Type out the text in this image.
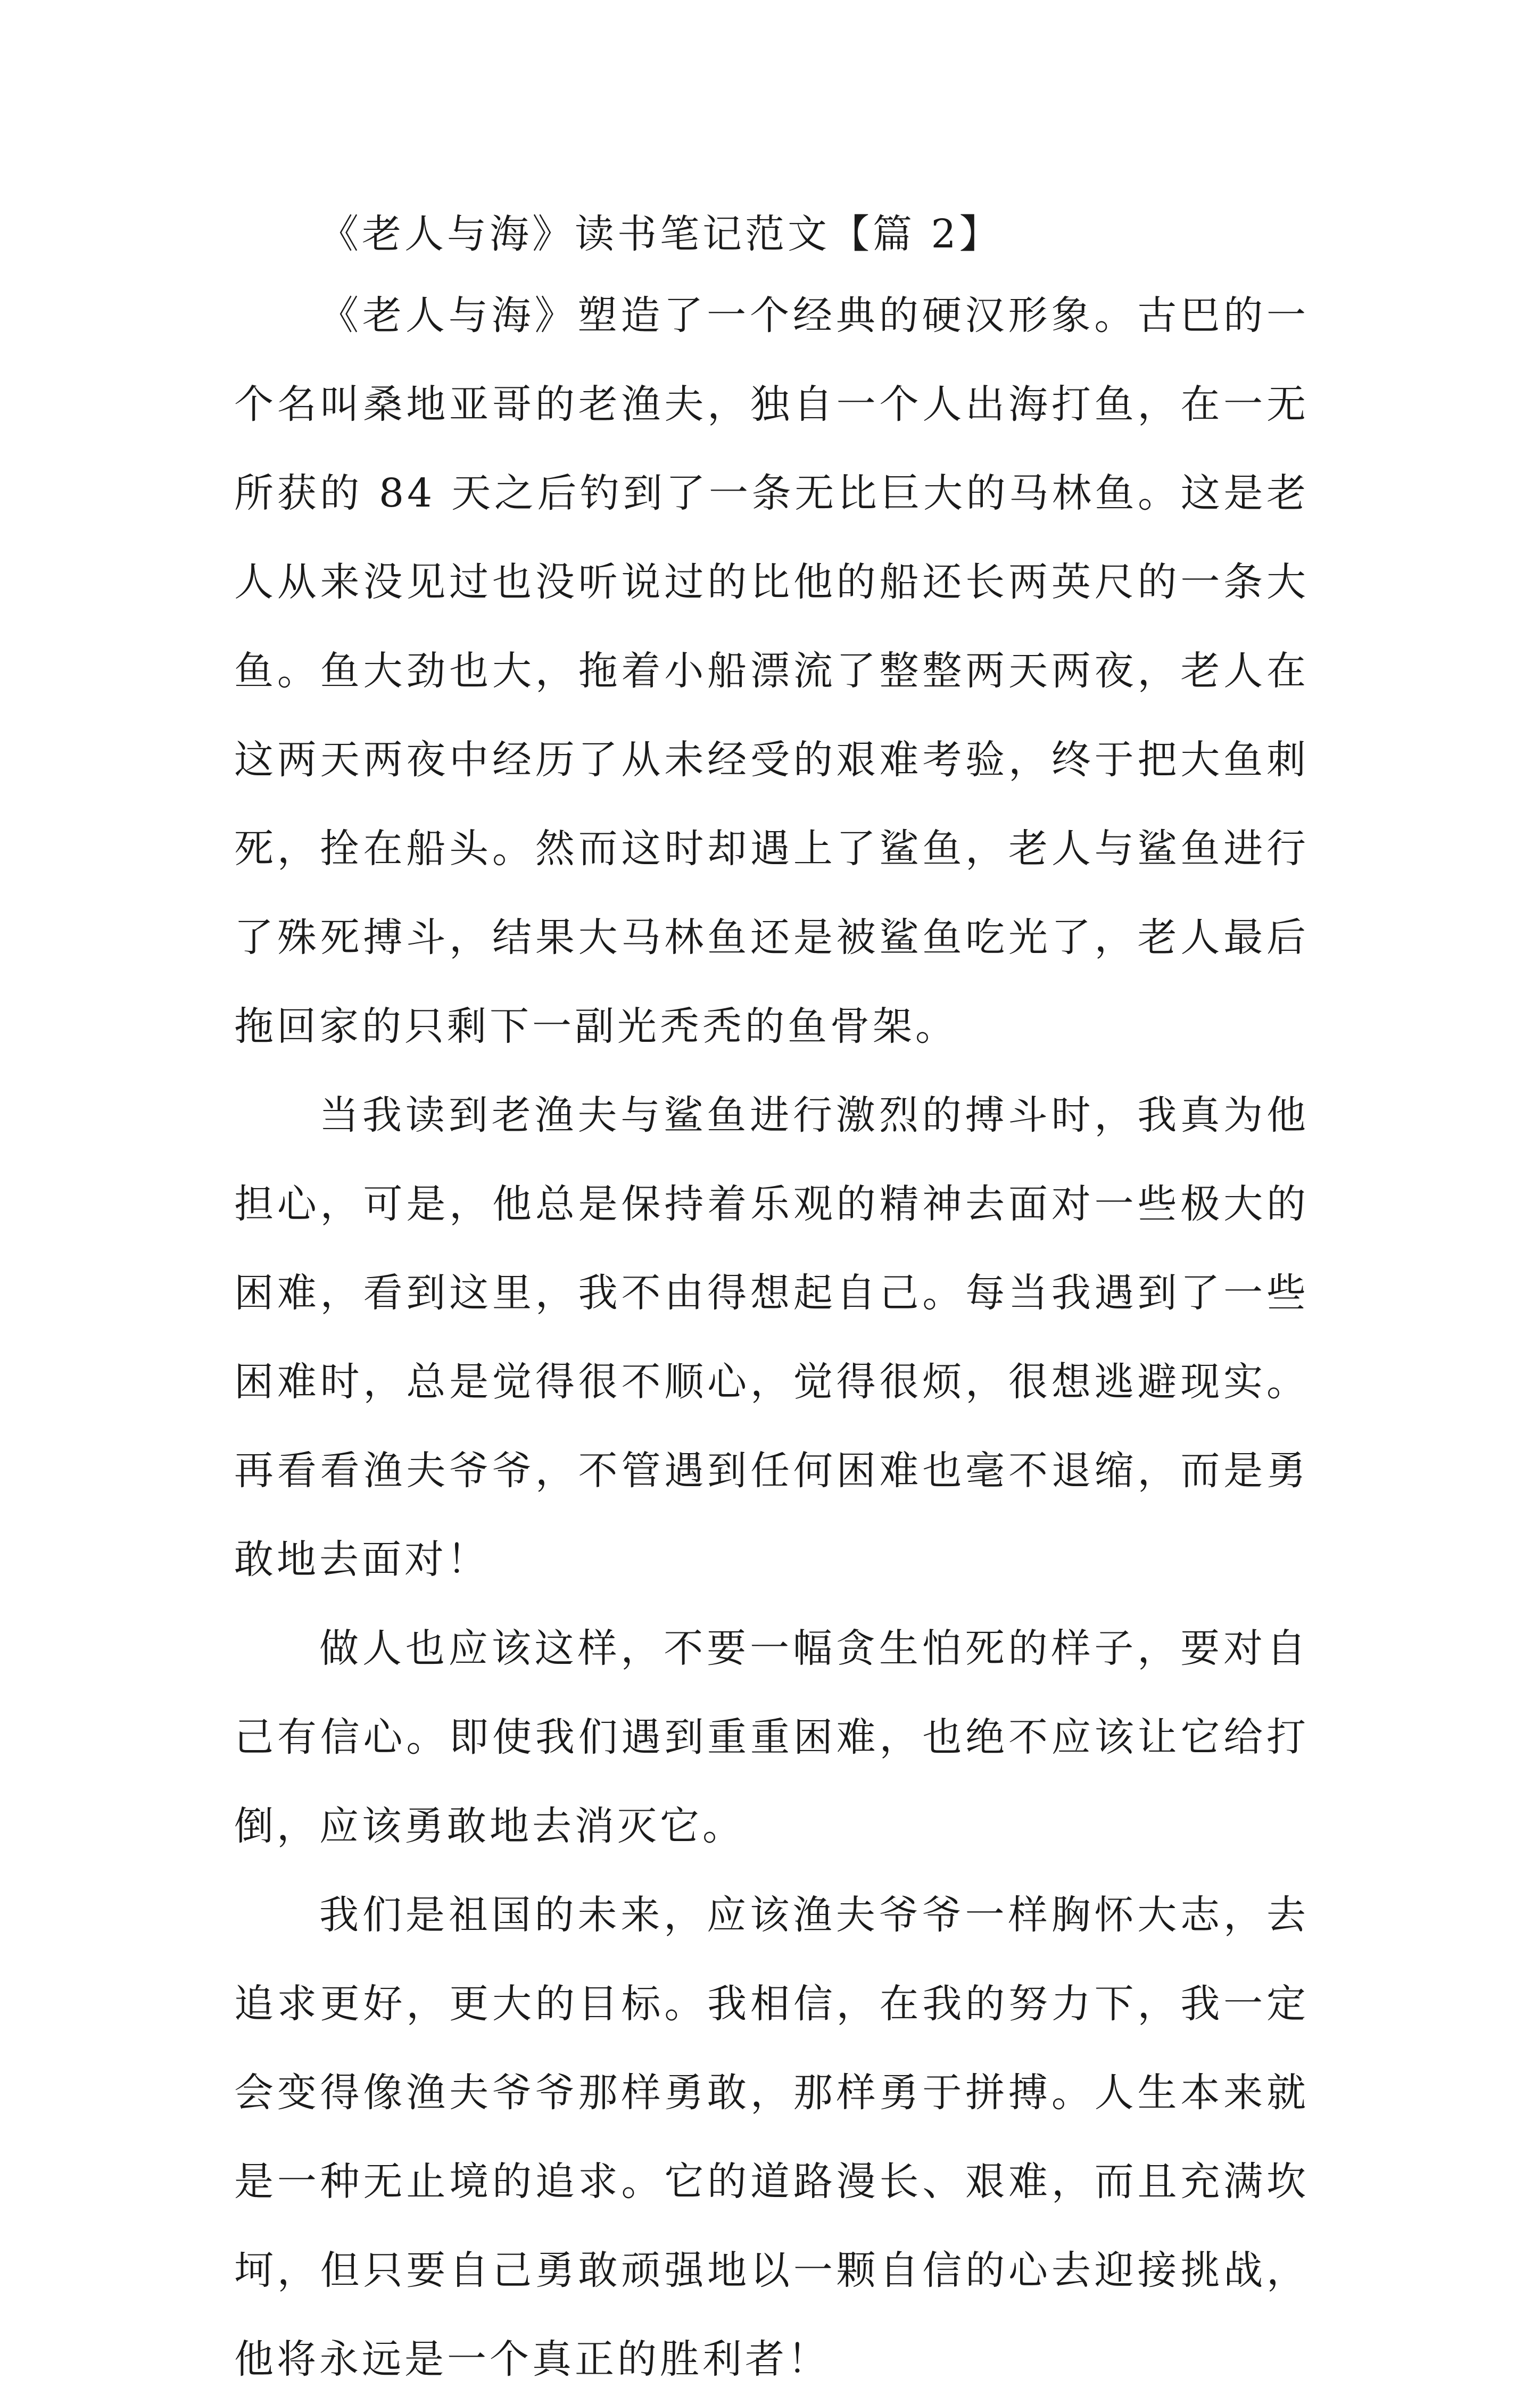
《老人与海》读书笔记范文【篇 2】

《老人与海》塑造了一个经典的硬汉形象。古巴的一个名叫桑地亚哥的老渔夫，独自一个人出海打鱼，在一无所获的 84 天之后钓到了一条无比巨大的马林鱼。这是老人从来没见过也没听说过的比他的船还长两英尺的一条大鱼。鱼大劲也大，拖着小船漂流了整整两天两夜，老人在这两天两夜中经历了从未经受的艰难考验，终于把大鱼刺死，拴在船头。然而这时却遇上了鲨鱼，老人与鲨鱼进行了殊死搏斗，结果大马林鱼还是被鲨鱼吃光了，老人最后拖回家的只剩下一副光秃秃的鱼骨架。

当我读到老渔夫与鲨鱼进行激烈的搏斗时，我真为他担心，可是，他总是保持着乐观的精神去面对一些极大的困难，看到这里，我不由得想起自己。每当我遇到了一些困难时，总是觉得很不顺心，觉得很烦，很想逃避现实。再看看渔夫爷爷，不管遇到任何困难也毫不退缩，而是勇敢地去面对！

做人也应该这样，不要一幅贪生怕死的样子，要对自己有信心。即使我们遇到重重困难，也绝不应该让它给打倒，应该勇敢地去消灭它。

我们是祖国的未来，应该渔夫爷爷一样胸怀大志，去追求更好，更大的目标。我相信，在我的努力下，我一定会变得像渔夫爷爷那样勇敢，那样勇于拼搏。人生本来就是一种无止境的追求。它的道路漫长、艰难，而且充满坎坷，但只要自己勇敢顽强地以一颗自信的心去迎接挑战，他将永远是一个真正的胜利者！
